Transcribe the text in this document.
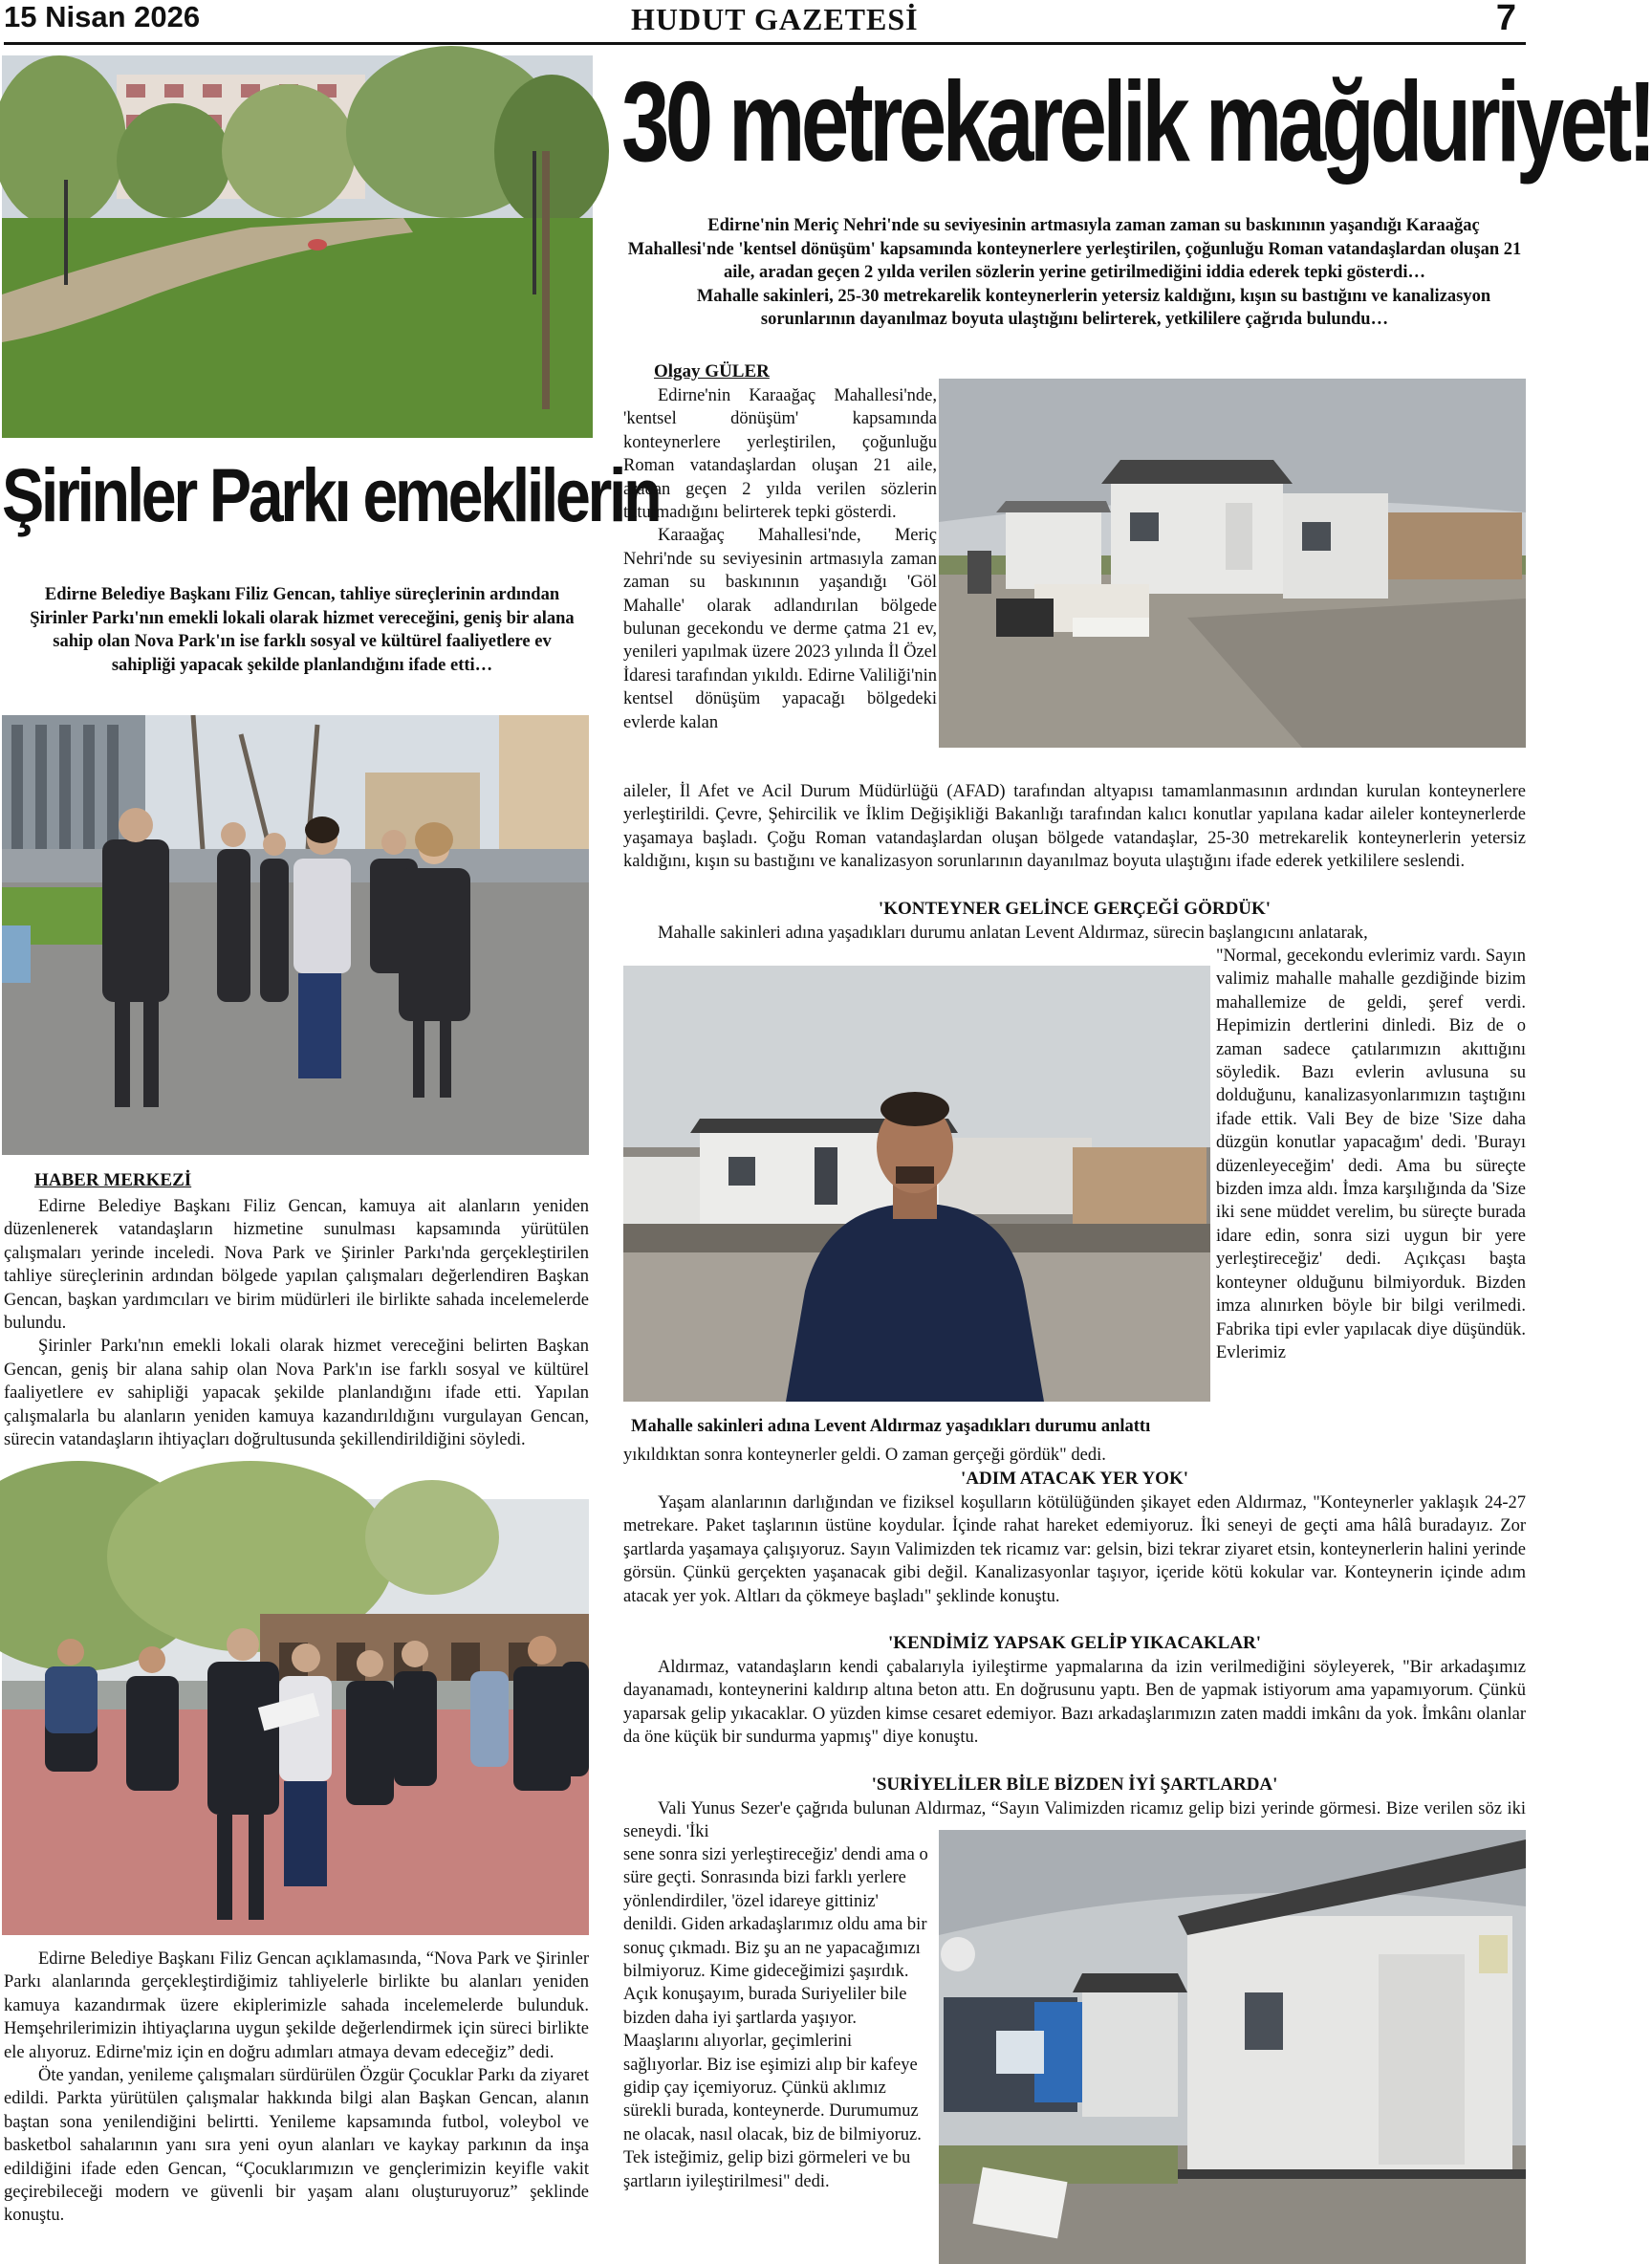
15 Nisan 2026	HUDUT GAZETESİ	7
Şirinler Parkı emeklilerin
Edirne Belediye Başkanı Filiz Gencan, tahliye süreçlerinin ardından Şirinler Parkı'nın emekli lokali olarak hizmet vereceğini, geniş bir alana sahip olan Nova Park'ın ise farklı sosyal ve kültürel faaliyetlere ev sahipliği yapacak şekilde planlandığını ifade etti…
HABER MERKEZİ

Edirne Belediye Başkanı Filiz Gencan, kamuya ait alanların yeniden düzenlenerek vatandaşların hizmetine sunulması kapsamında yürütülen çalışmaları yerinde inceledi. Nova Park ve Şirinler Parkı'nda gerçekleştirilen tahliye süreçlerinin ardından bölgede yapılan çalışmaları değerlendiren Başkan Gencan, başkan yardımcıları ve birim müdürleri ile birlikte sahada incelemelerde bulundu.

Şirinler Parkı'nın emekli lokali olarak hizmet vereceğini belirten Başkan Gencan, geniş bir alana sahip olan Nova Park'ın ise farklı sosyal ve kültürel faaliyetlere ev sahipliği yapacak şekilde planlandığını ifade etti. Yapılan çalışmalarla bu alanların yeniden kamuya kazandırıldığını vurgulayan Gencan, sürecin vatandaşların ihtiyaçları doğrultusunda şekillendirildiğini söyledi.

Edirne Belediye Başkanı Filiz Gencan açıklamasında, “Nova Park ve Şirinler Parkı alanlarında gerçekleştirdiğimiz tahliyelerle birlikte bu alanları yeniden kamuya kazandırmak üzere ekiplerimizle sahada incelemelerde bulunduk. Hemşehrilerimizin ihtiyaçlarına uygun şekilde değerlendirmek için süreci birlikte ele alıyoruz. Edirne'miz için en doğru adımları atmaya devam edeceğiz” dedi.

Öte yandan, yenileme çalışmaları sürdürülen Özgür Çocuklar Parkı da ziyaret edildi. Parkta yürütülen çalışmalar hakkında bilgi alan Başkan Gencan, alanın baştan sona yenilendiğini belirtti. Yenileme kapsamında futbol, voleybol ve basketbol sahalarının yanı sıra yeni oyun alanları ve kaykay parkının da inşa edildiğini ifade eden Gencan, “Çocuklarımızın ve gençlerimizin keyifle vakit geçirebileceği modern ve güvenli bir yaşam alanı oluşturuyoruz” şeklinde konuştu.

30 metrekarelik mağduriyet!
Edirne'nin Meriç Nehri'nde su seviyesinin artmasıyla zaman zaman su baskınının yaşandığı Karaağaç Mahallesi'nde 'kentsel dönüşüm' kapsamında konteynerlere yerleştirilen, çoğunluğu Roman vatandaşlardan oluşan 21 aile, aradan geçen 2 yılda verilen sözlerin yerine getirilmediğini iddia ederek tepki gösterdi…
Mahalle sakinleri, 25-30 metrekarelik konteynerlerin yetersiz kaldığını, kışın su bastığını ve kanalizasyon sorunlarının dayanılmaz boyuta ulaştığını belirterek, yetkililere çağrıda bulundu…
Olgay GÜLER

Edirne'nin Karaağaç Mahallesi'nde, 'kentsel dönüşüm' kapsamında konteynerlere yerleştirilen, çoğunluğu Roman vatandaşlardan oluşan 21 aile, aradan geçen 2 yılda verilen sözlerin tutulmadığını belirterek tepki gösterdi.

Karaağaç Mahallesi'nde, Meriç Nehri'nde su seviyesinin artmasıyla zaman zaman su baskınının yaşandığı 'Göl Mahalle' olarak adlandırılan bölgede bulunan gecekondu ve derme çatma 21 ev, yenileri yapılmak üzere 2023 yılında İl Özel İdaresi tarafından yıkıldı. Edirne Valiliği'nin kentsel dönüşüm yapacağı bölgedeki evlerde kalan

aileler, İl Afet ve Acil Durum Müdürlüğü (AFAD) tarafından altyapısı tamamlanmasının ardından kurulan konteynerlere yerleştirildi. Çevre, Şehircilik ve İklim Değişikliği Bakanlığı tarafından kalıcı konutlar yapılana kadar aileler konteynerlerde yaşamaya başladı. Çoğu Roman vatandaşlardan oluşan bölgede vatandaşlar, 25-30 metrekarelik konteynerlerin yetersiz kaldığını, kışın su bastığını ve kanalizasyon sorunlarının dayanılmaz boyuta ulaştığını ifade ederek yetkililere seslendi.

'KONTEYNER GELİNCE GERÇEĞİ GÖRDÜK'

Mahalle sakinleri adına yaşadıkları durumu anlatan Levent Aldırmaz, sürecin başlangıcını anlatarak,

"Normal, gecekondu evlerimiz vardı. Sayın valimiz mahalle mahalle gezdiğinde bizim mahallemize de geldi, şeref verdi. Hepimizin dertlerini dinledi. Biz de o zaman sadece çatılarımızın akıttığını söyledik. Bazı evlerin avlusuna su dolduğunu, kanalizasyonlarımızın taştığını ifade ettik. Vali Bey de bize 'Size daha düzgün konutlar yapacağım' dedi. 'Burayı düzenleyeceğim' dedi. Ama bu süreçte bizden imza aldı. İmza karşılığında da 'Size iki sene müddet verelim, bu süreçte burada idare edin, sonra sizi uygun bir yere yerleştireceğiz' dedi. Açıkçası başta konteyner olduğunu bilmiyorduk. Bizden imza alınırken böyle bir bilgi verilmedi. Fabrika tipi evler yapılacak diye düşündük. Evlerimiz

Mahalle sakinleri adına Levent Aldırmaz yaşadıkları durumu anlattı

yıkıldıktan sonra konteynerler geldi. O zaman gerçeği gördük" dedi.

'ADIM ATACAK YER YOK'

Yaşam alanlarının darlığından ve fiziksel koşulların kötülüğünden şikayet eden Aldırmaz, "Konteynerler yaklaşık 24-27 metrekare. Paket taşlarının üstüne koydular. İçinde rahat hareket edemiyoruz. İki seneyi de geçti ama hâlâ buradayız. Zor şartlarda yaşamaya çalışıyoruz. Sayın Valimizden tek ricamız var: gelsin, bizi tekrar ziyaret etsin, konteynerlerin halini yerinde görsün. Çünkü gerçekten yaşanacak gibi değil. Kanalizasyonlar taşıyor, içeride kötü kokular var. Konteynerin içinde adım atacak yer yok. Altları da çökmeye başladı" şeklinde konuştu.

'KENDİMİZ YAPSAK GELİP YIKACAKLAR'

Aldırmaz, vatandaşların kendi çabalarıyla iyileştirme yapmalarına da izin verilmediğini söyleyerek, "Bir arkadaşımız dayanamadı, konteynerini kaldırıp altına beton attı. En doğrusunu yaptı. Ben de yapmak istiyorum ama yapamıyorum. Çünkü yaparsak gelip yıkacaklar. O yüzden kimse cesaret edemiyor. Bazı arkadaşlarımızın zaten maddi imkânı da yok. İmkânı olanlar da öne küçük bir sundurma yapmış" diye konuştu.

'SURİYELİLER BİLE BİZDEN İYİ ŞARTLARDA'

Vali Yunus Sezer'e çağrıda bulunan Aldırmaz, “Sayın Valimizden ricamız gelip bizi yerinde görmesi. Bize verilen söz iki seneydi. 'İki

sene sonra sizi yerleştireceğiz' dendi ama o süre geçti. Sonrasında bizi farklı yerlere yönlendirdiler, 'özel idareye gittiniz' denildi. Giden arkadaşlarımız oldu ama bir sonuç çıkmadı. Biz şu an ne yapacağımızı bilmiyoruz. Kime gideceğimizi şaşırdık. Açık konuşayım, burada Suriyeliler bile bizden daha iyi şartlarda yaşıyor. Maaşlarını alıyorlar, geçimlerini sağlıyorlar. Biz ise eşimizi alıp bir kafeye gidip çay içemiyoruz. Çünkü aklımız sürekli burada, konteynerde. Durumumuz ne olacak, nasıl olacak, biz de bilmiyoruz. Tek isteğimiz, gelip bizi görmeleri ve bu şartların iyileştirilmesi" dedi.
